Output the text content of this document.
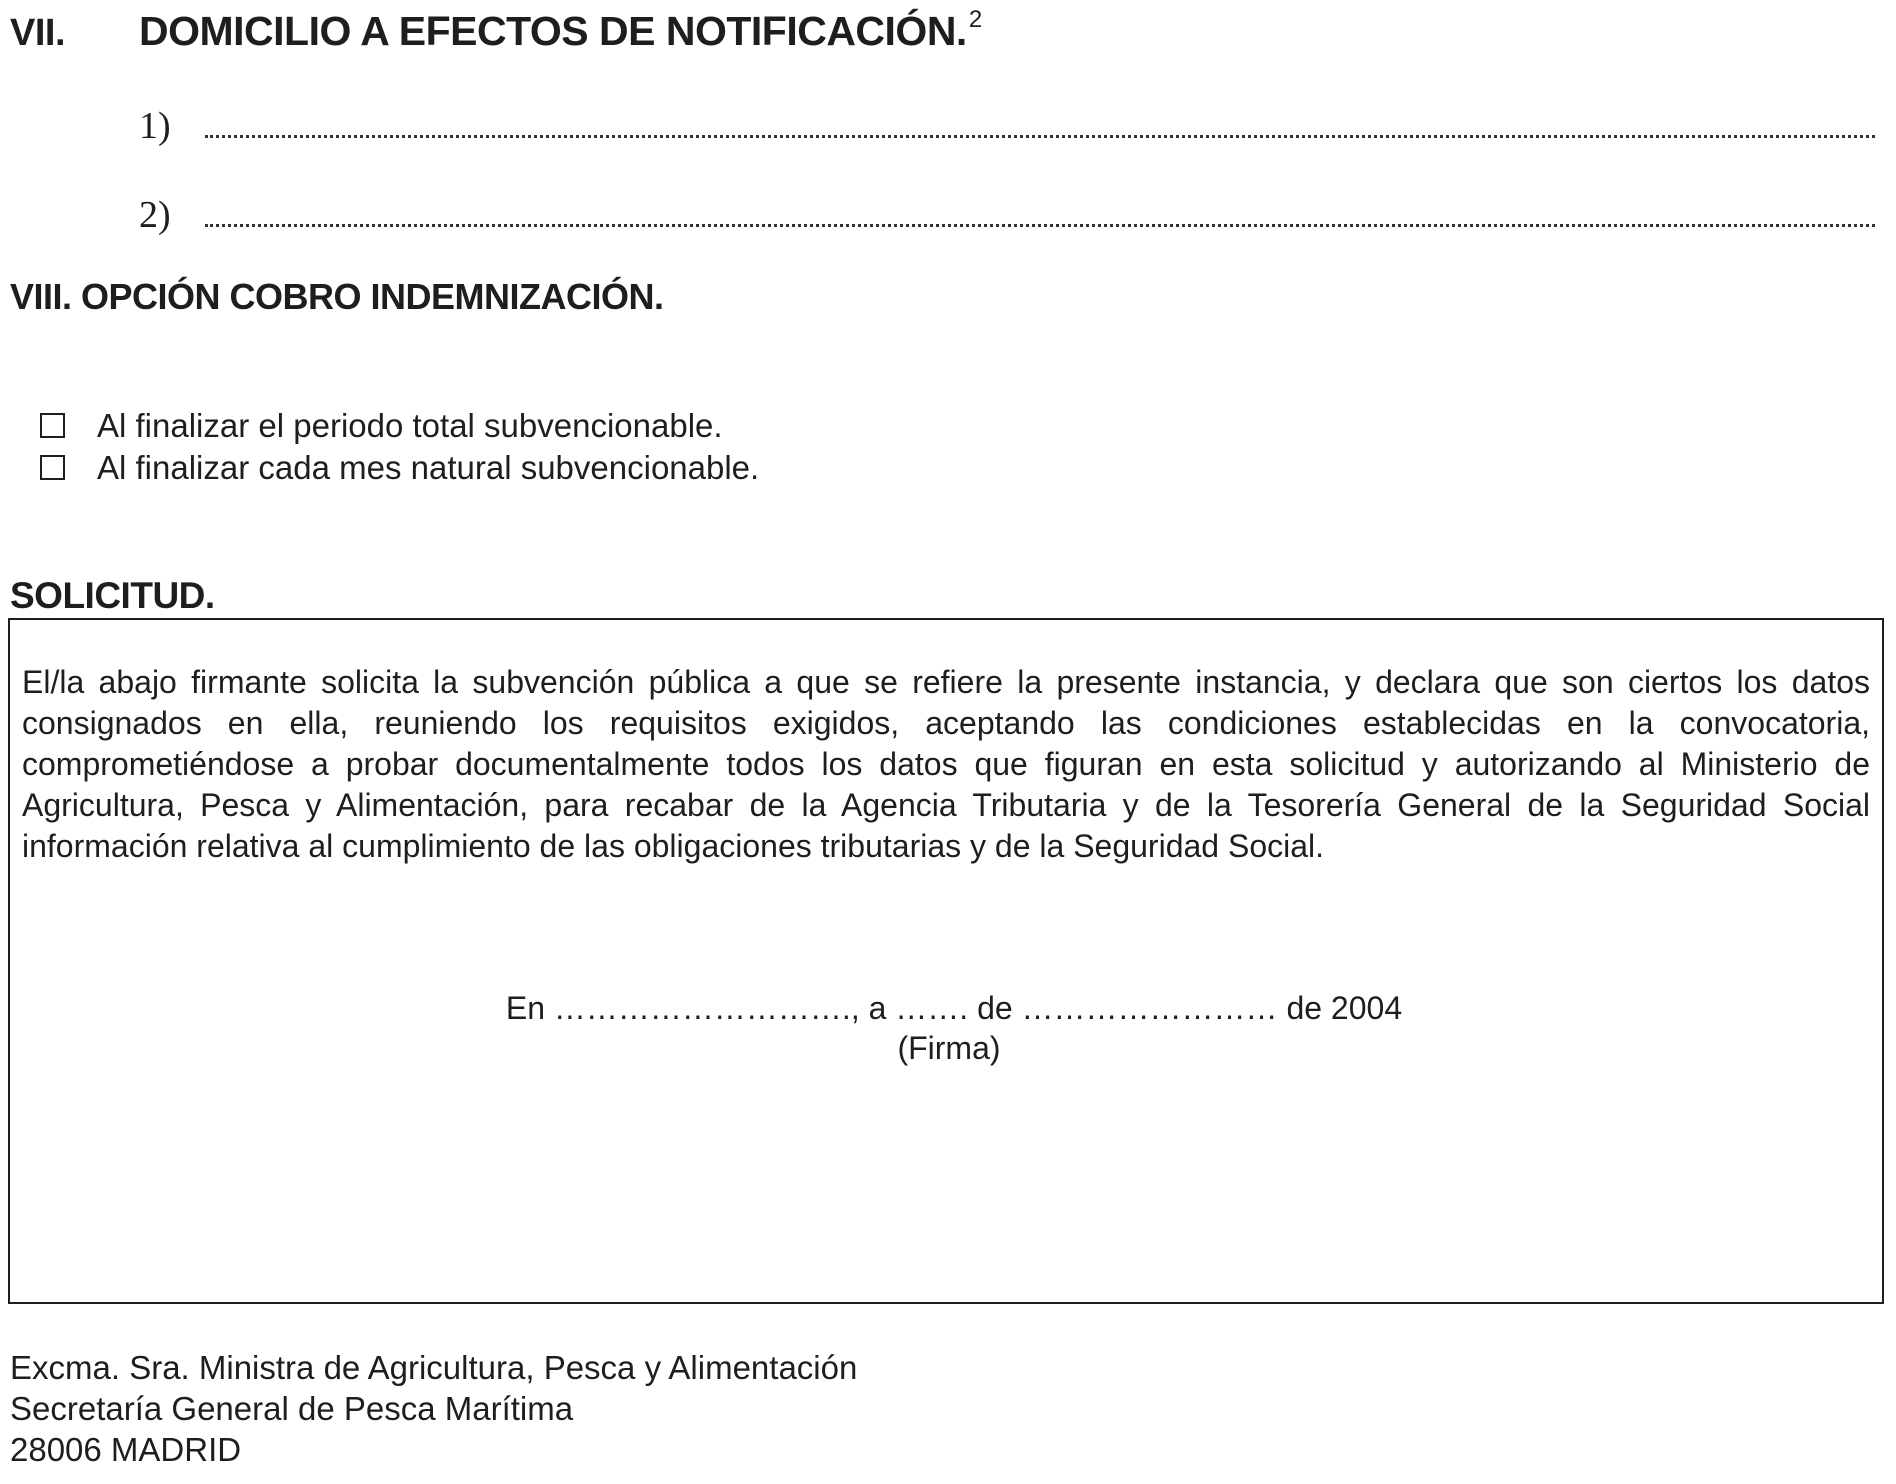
VII. DOMICILIO A EFECTOS DE NOTIFICACIÓN.$^2$
1)
2)
VIII. OPCIÓN COBRO INDEMNIZACIÓN.
Al finalizar el periodo total subvencionable.
Al finalizar cada mes natural subvencionable.
SOLICITUD.
El/la abajo firmante solicita la subvención pública a que se refiere la presente instancia, y declara que son ciertos los datos consignados en ella, reuniendo los requisitos exigidos, aceptando las condiciones establecidas en la convocatoria, comprometiéndose a probar documentalmente todos los datos que figuran en esta solicitud y autorizando al Ministerio de Agricultura, Pesca y Alimentación, para recabar de la Agencia Tributaria y de la Tesorería General de la Seguridad Social información relativa al cumplimiento de las obligaciones tributarias y de la Seguridad Social.
En ………………………., a ……. de …………………… de 2004
(Firma)
Excma. Sra. Ministra de Agricultura, Pesca y Alimentación
Secretaría General de Pesca Marítima
28006 MADRID
